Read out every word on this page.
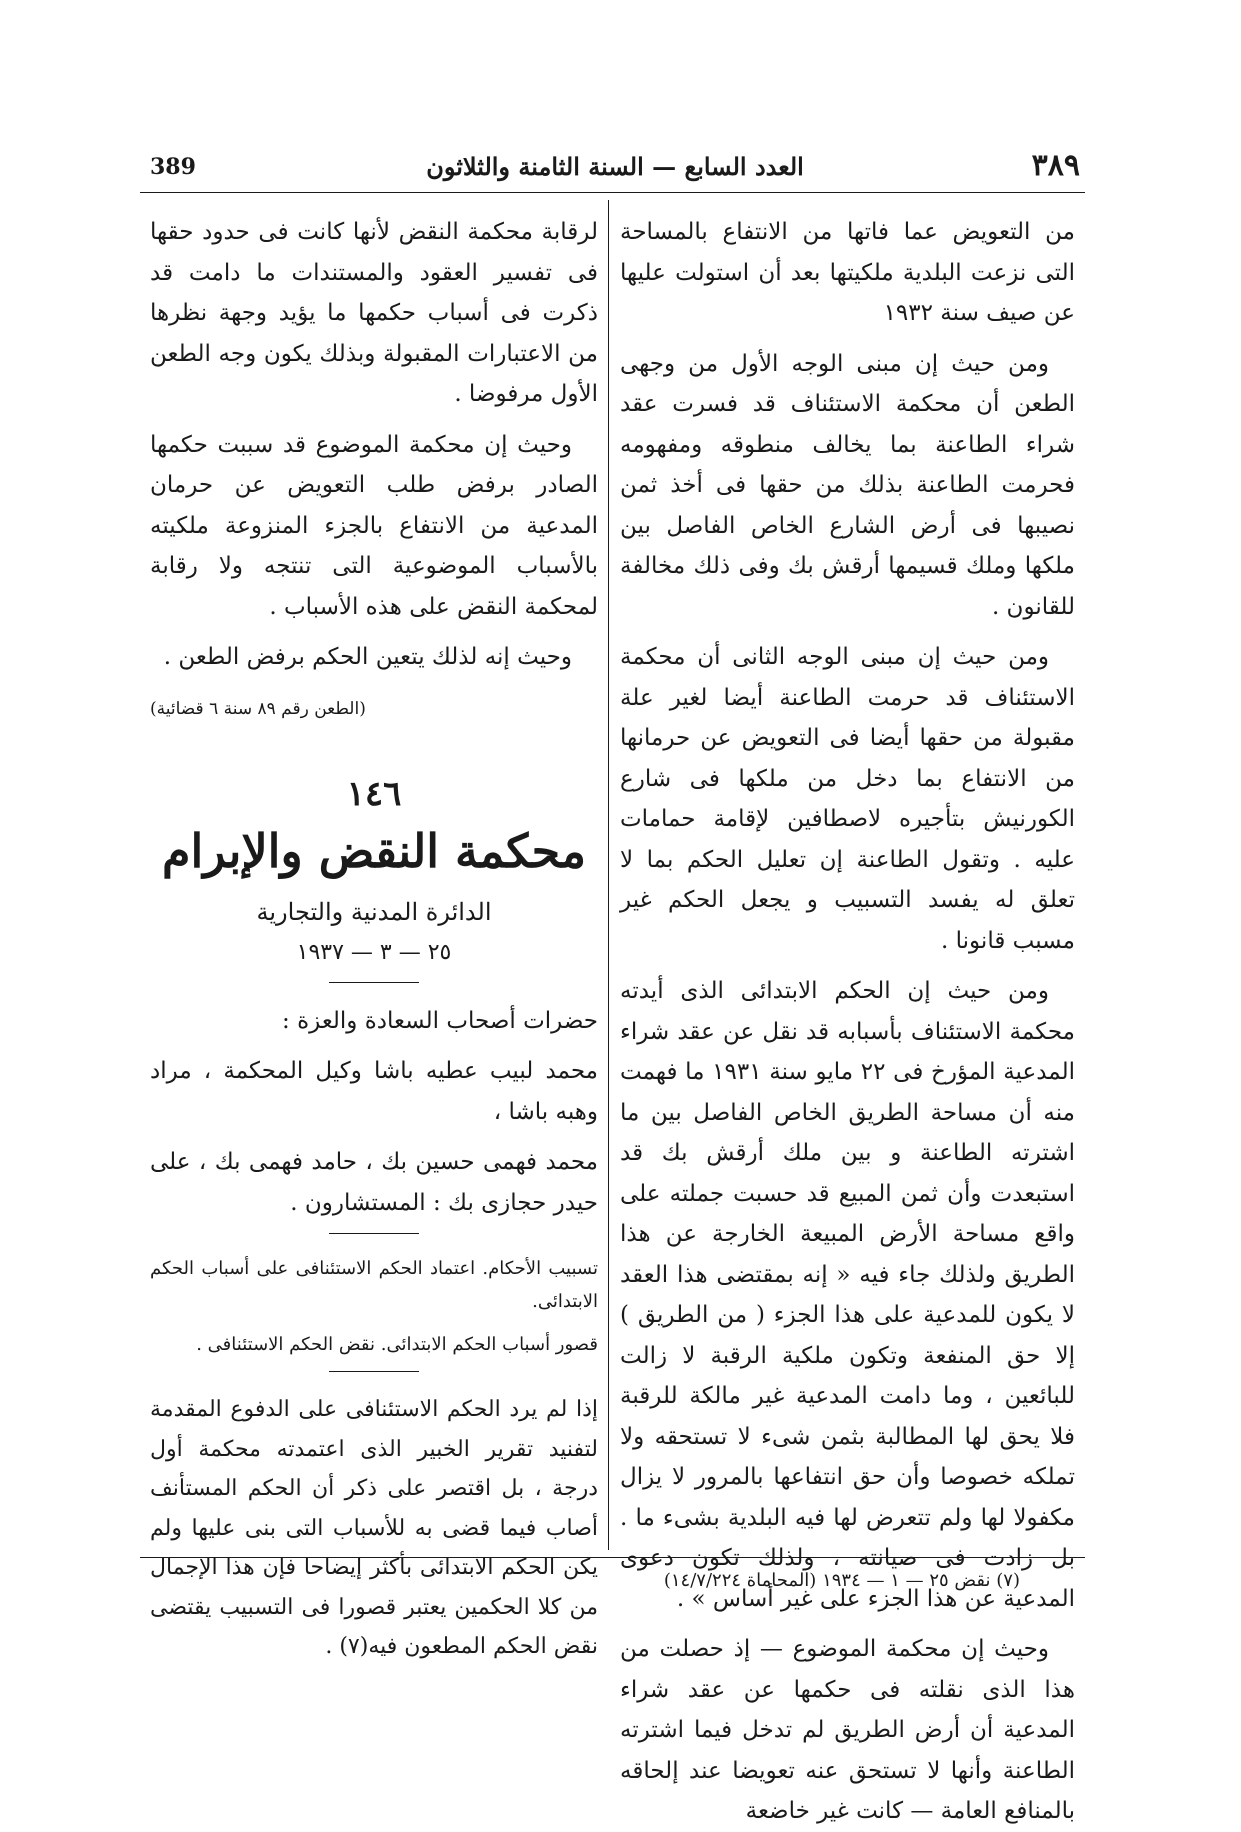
٣٨٩
العدد السابع — السنة الثامنة والثلاثون
389

من التعويض عما فاتها من الانتفاع بالمساحة التى نزعت البلدية ملكيتها بعد أن استولت عليها عن صيف سنة ١٩٣٢

ومن حيث إن مبنى الوجه الأول من وجهى الطعن أن محكمة الاستئناف قد فسرت عقد شراء الطاعنة بما يخالف منطوقه ومفهومه فحرمت الطاعنة بذلك من حقها فى أخذ ثمن نصيبها فى أرض الشارع الخاص الفاصل بين ملكها وملك قسيمها أرقش بك وفى ذلك مخالفة للقانون .

ومن حيث إن مبنى الوجه الثانى أن محكمة الاستئناف قد حرمت الطاعنة أيضا لغير علة مقبولة من حقها أيضا فى التعويض عن حرمانها من الانتفاع بما دخل من ملكها فى شارع الكورنيش بتأجيره لاصطافين لإقامة حمامات عليه . وتقول الطاعنة إن تعليل الحكم بما لا تعلق له يفسد التسبيب و يجعل الحكم غير مسبب قانونا .

ومن حيث إن الحكم الابتدائى الذى أيدته محكمة الاستئناف بأسبابه قد نقل عن عقد شراء المدعية المؤرخ فى ٢٢ مايو سنة ١٩٣١ ما فهمت منه أن مساحة الطريق الخاص الفاصل بين ما اشترته الطاعنة و بين ملك أرقش بك قد استبعدت وأن ثمن المبيع قد حسبت جملته على واقع مساحة الأرض المبيعة الخارجة عن هذا الطريق ولذلك جاء فيه « إنه بمقتضى هذا العقد لا يكون للمدعية على هذا الجزء ( من الطريق ) إلا حق المنفعة وتكون ملكية الرقبة لا زالت للبائعين ، وما دامت المدعية غير مالكة للرقبة فلا يحق لها المطالبة بثمن شىء لا تستحقه ولا تملكه خصوصا وأن حق انتفاعها بالمرور لا يزال مكفولا لها ولم تتعرض لها فيه البلدية بشىء ما . بل زادت فى صيانته ، ولذلك تكون دعوى المدعية عن هذا الجزء على غير أساس » .

وحيث إن محكمة الموضوع — إذ حصلت من هذا الذى نقلته فى حكمها عن عقد شراء المدعية أن أرض الطريق لم تدخل فيما اشترته الطاعنة وأنها لا تستحق عنه تعويضا عند إلحاقه بالمنافع العامة — كانت غير خاضعة

لرقابة محكمة النقض لأنها كانت فى حدود حقها فى تفسير العقود والمستندات ما دامت قد ذكرت فى أسباب حكمها ما يؤيد وجهة نظرها من الاعتبارات المقبولة وبذلك يكون وجه الطعن الأول مرفوضا .

وحيث إن محكمة الموضوع قد سببت حكمها الصادر برفض طلب التعويض عن حرمان المدعية من الانتفاع بالجزء المنزوعة ملكيته بالأسباب الموضوعية التى تنتجه ولا رقابة لمحكمة النقض على هذه الأسباب .

وحيث إنه لذلك يتعين الحكم برفض الطعن .

(الطعن رقم ٨٩ سنة ٦ قضائية)
١٤٦
محكمة النقض والإبرام
الدائرة المدنية والتجارية
٢٥ — ٣ — ١٩٣٧

حضرات أصحاب السعادة والعزة :

محمد لبيب عطيه باشا وكيل المحكمة ، مراد وهبه باشا ،

محمد فهمى حسين بك ، حامد فهمى بك ، على حيدر حجازى بك : المستشارون .

تسبيب الأحكام. اعتماد الحكم الاستئنافى على أسباب الحكم الابتدائى.

قصور أسباب الحكم الابتدائى. نقض الحكم الاستئنافى .

إذا لم يرد الحكم الاستئنافى على الدفوع المقدمة لتفنيد تقرير الخبير الذى اعتمدته محكمة أول درجة ، بل اقتصر على ذكر أن الحكم المستأنف أصاب فيما قضى به للأسباب التى بنى عليها ولم يكن الحكم الابتدائى بأكثر إيضاحا فإن هذا الإجمال من كلا الحكمين يعتبر قصورا فى التسبيب يقتضى نقض الحكم المطعون فيه(٧) .

(٧) نقض ٢٥ — ١ — ١٩٣٤ (المحاماة ١٤/٧/٢٢٤)
